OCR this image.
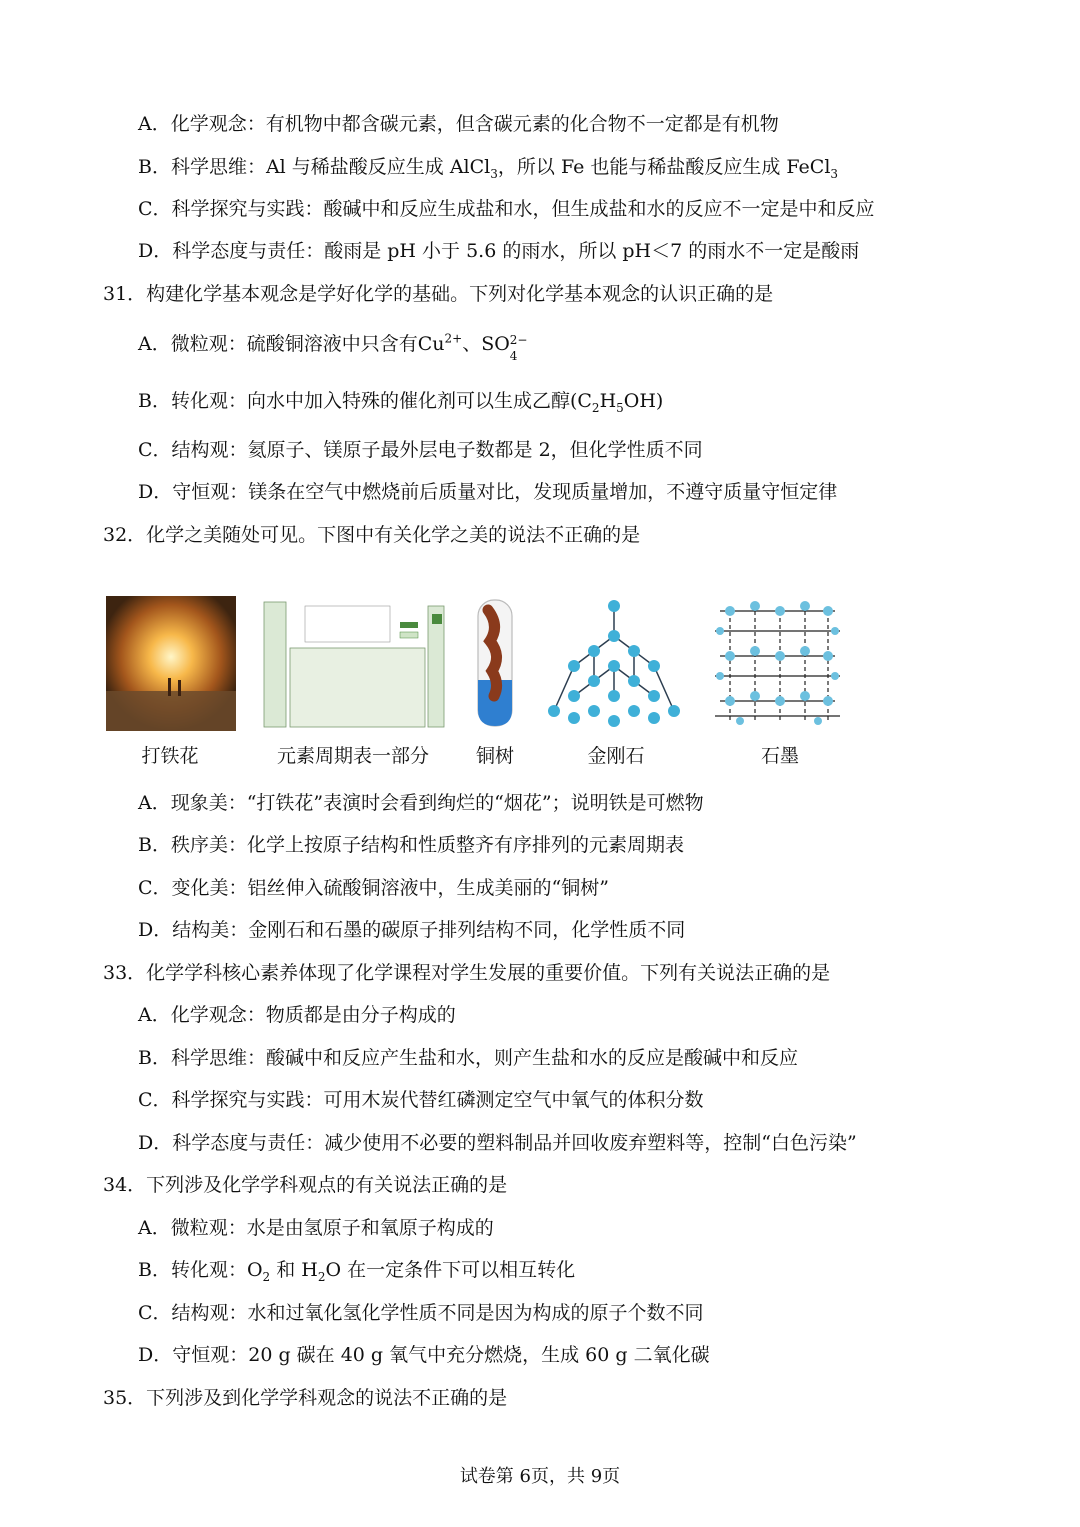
A．化学观念：有机物中都含碳元素，但含碳元素的化合物不一定都是有机物
B．科学思维：Al 与稀盐酸反应生成 AlCl$_3$，所以 Fe 也能与稀盐酸反应生成 FeCl$_3$
C．科学探究与实践：酸碱中和反应生成盐和水，但生成盐和水的反应不一定是中和反应
D．科学态度与责任：酸雨是 pH 小于 5.6 的雨水，所以 pH＜7 的雨水不一定是酸雨
31．构建化学基本观念是学好化学的基础。下列对化学基本观念的认识正确的是
A．微粒观：硫酸铜溶液中只含有$Cu^{2+}$、SO 2−
4
B．转化观：向水中加入特殊的催化剂可以生成乙醇$(C_2H_5OH)$
C．结构观：氦原子、镁原子最外层电子数都是 2，但化学性质不同
D．守恒观：镁条在空气中燃烧前后质量对比，发现质量增加，不遵守质量守恒定律
32．化学之美随处可见。下图中有关化学之美的说法不正确的是
打铁花	元素周期表一部分	铜树	金刚石	石墨
A．现象美：“打铁花”表演时会看到绚烂的“烟花”；说明铁是可燃物
B．秩序美：化学上按原子结构和性质整齐有序排列的元素周期表
C．变化美：铝丝伸入硫酸铜溶液中，生成美丽的“铜树”
D．结构美：金刚石和石墨的碳原子排列结构不同，化学性质不同
33．化学学科核心素养体现了化学课程对学生发展的重要价值。下列有关说法正确的是
A．化学观念：物质都是由分子构成的
B．科学思维：酸碱中和反应产生盐和水，则产生盐和水的反应是酸碱中和反应
C．科学探究与实践：可用木炭代替红磷测定空气中氧气的体积分数
D．科学态度与责任：减少使用不必要的塑料制品并回收废弃塑料等，控制“白色污染”
34．下列涉及化学学科观点的有关说法正确的是
A．微粒观：水是由氢原子和氧原子构成的
B．转化观：$O_2$ 和 $H_2O$ 在一定条件下可以相互转化
C．结构观：水和过氧化氢化学性质不同是因为构成的原子个数不同
D．守恒观：20 g 碳在 40 g 氧气中充分燃烧，生成 60 g 二氧化碳
35．下列涉及到化学学科观念的说法不正确的是
试卷第 6页，共 9页
